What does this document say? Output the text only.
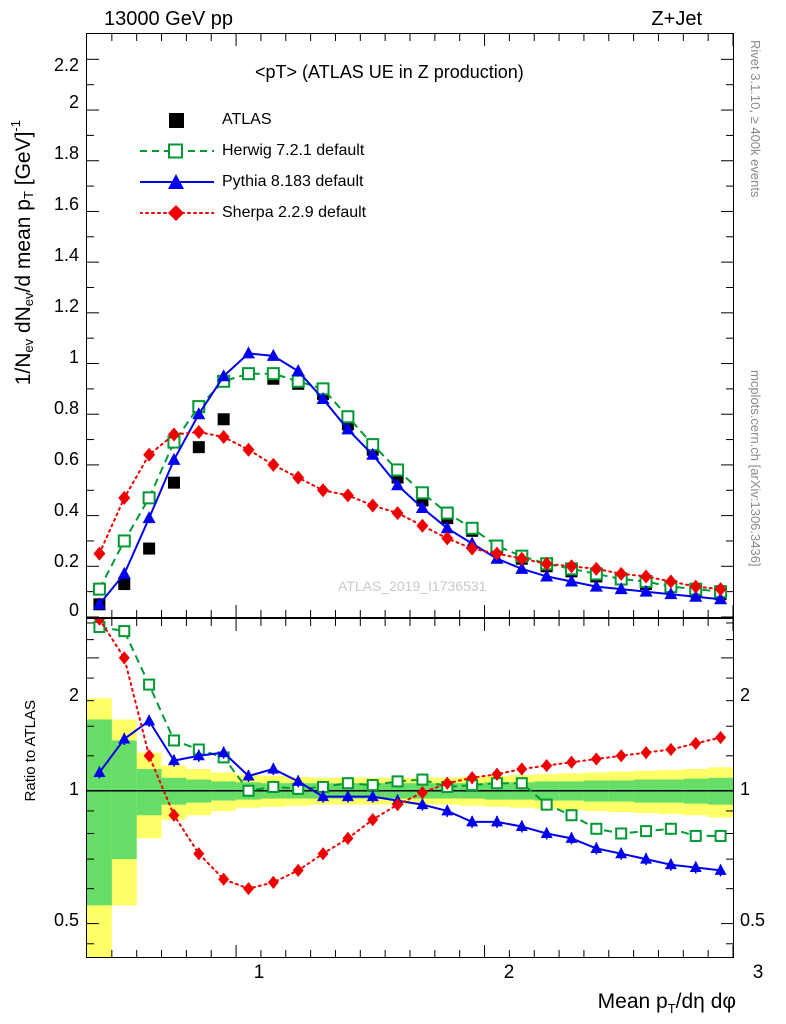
13000 GeV pp	Z+Jet
Rivet 3.1.10, ≥ 400k events
mcplots.cern.ch [arXiv:1306.3436]
$1/N_{ev}$ $dN_{ev}/d$ mean $p_T$ [GeV]$^{-1}$
Ratio to ATLAS
Mean $p_T/d\eta$ dφ
0
0.2
0.4
0.6
0.8
1
1.2
1.4
1.6
1.8
2
2.2	<pT> (ATLAS UE in Z production)
ATLAS
Herwig 7.2.1 default
Pythia 8.183 default
Sherpa 2.2.9 default
ATLAS_2019_I1736531
0.5
1
2
0.5
1
2
1	2	3
